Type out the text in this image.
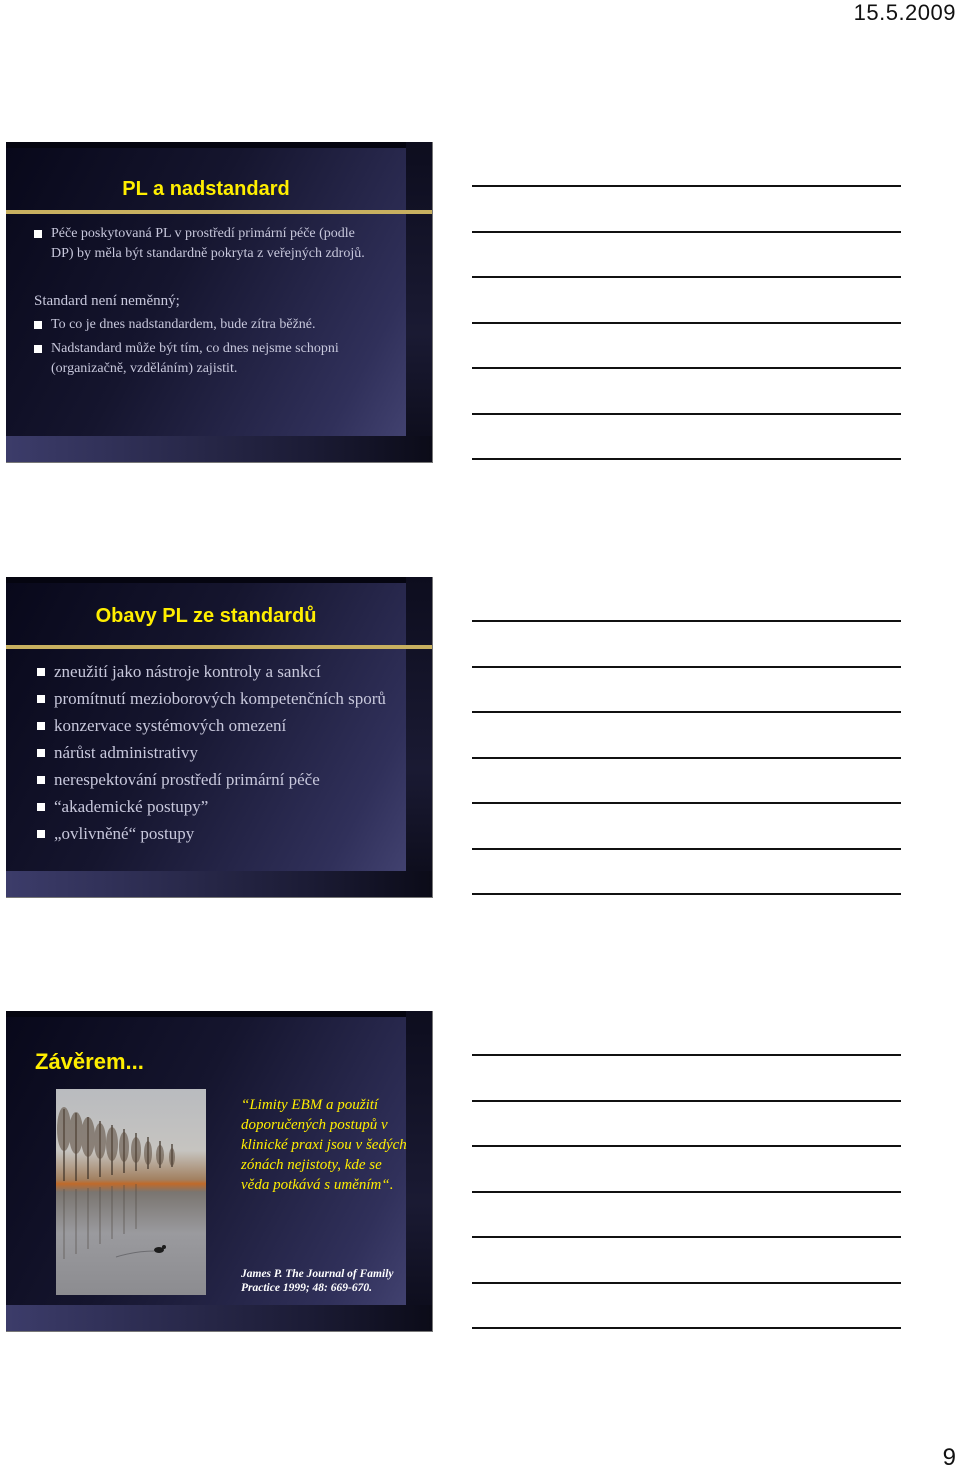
15.5.2009
PL a nadstandard
Péče poskytovaná PL v prostředí primární péče (podle DP) by měla být standardně pokryta z veřejných zdrojů.
Standard není neměnný;
To co je dnes nadstandardem, bude zítra běžné.
Nadstandard může být tím, co dnes nejsme schopni (organizačně, vzděláním) zajistit.
Obavy PL ze standardů
zneužití jako nástroje kontroly a sankcí
promítnutí mezioborových kompetenčních sporů
konzervace systémových omezení
nárůst administrativy
nerespektování prostředí primární péče
“akademické postupy”
„ovlivněné“ postupy
Závěrem...
“Limity EBM a použití doporučených postupů v klinické praxi jsou v šedých zónách nejistoty, kde se věda potkává s uměním“.
James P. The Journal of Family Practice 1999; 48: 669-670.
9
